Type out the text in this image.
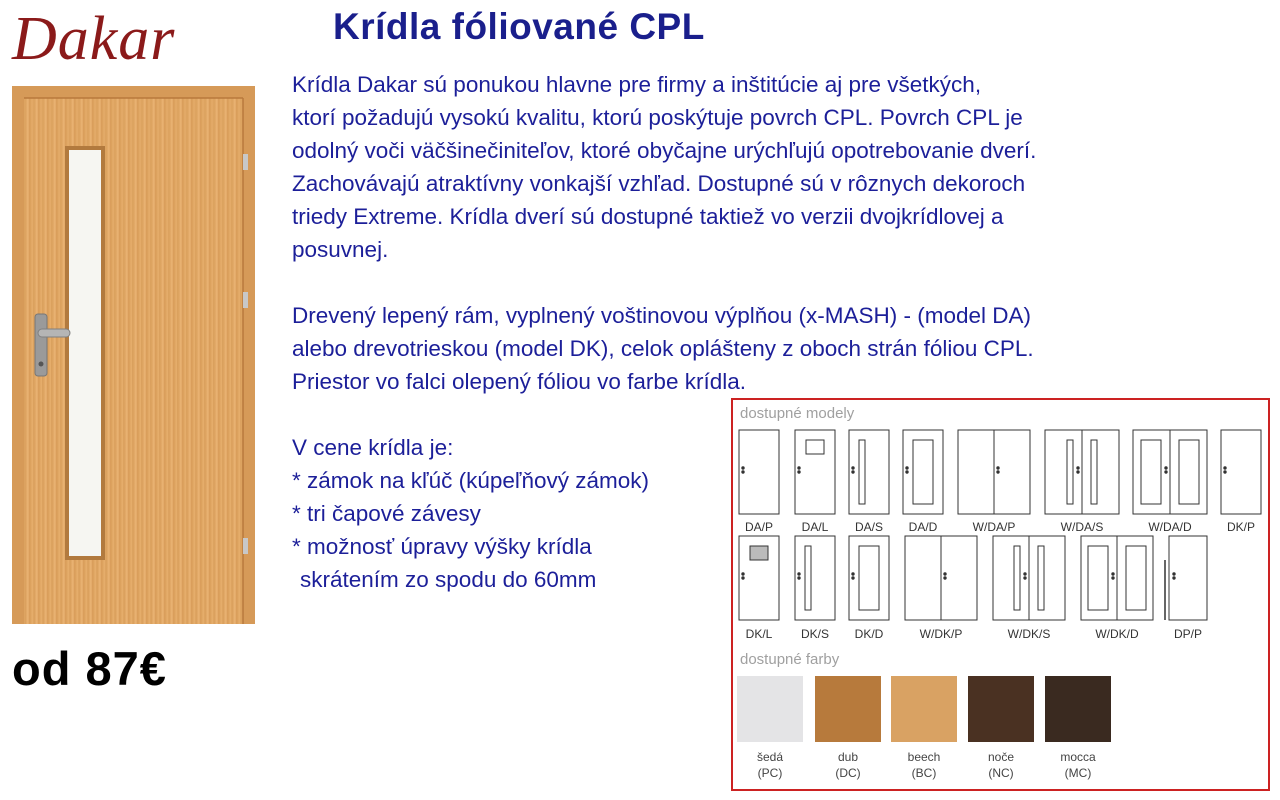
Dakar
od 87€
Krídla fóliované CPL

Krídla Dakar sú ponukou hlavne pre firmy a inštitúcie aj pre všetkých,

ktorí požadujú vysokú kvalitu, ktorú poskýtuje povrch CPL. Povrch CPL je

odolný voči väčšinečiniteľov, ktoré obyčajne urýchľujú opotrebovanie dverí.

Zachovávajú atraktívny vonkajší vzhľad. Dostupné sú v rôznych dekoroch

triedy Extreme. Krídla dverí sú dostupné taktiež vo verzii dvojkrídlovej a

posuvnej.

Drevený lepený rám, vyplnený voštinovou výplňou (x-MASH) - (model DA)

alebo drevotrieskou (model DK), celok oplášteny z oboch strán fóliou CPL.

Priestor vo falci olepený fóliou vo farbe krídla.

V cene krídla je:

* zámok na kľúč (kúpeľňový zámok)

* tri čapové závesy

* možnosť úpravy výšky krídla

skrátením zo spodu do 60mm

dostupné modely
DA/P DA/L DA/S DA/D	W/DA/P	W/DA/S	W/DA/D	DK/P
DK/L DK/S DK/D	W/DK/P	W/DK/S	W/DK/D	DP/P
dostupné farby
šedá
(PC)
dub
(DC)
beech
(BC)
noče
(NC)
mocca
(MC)
